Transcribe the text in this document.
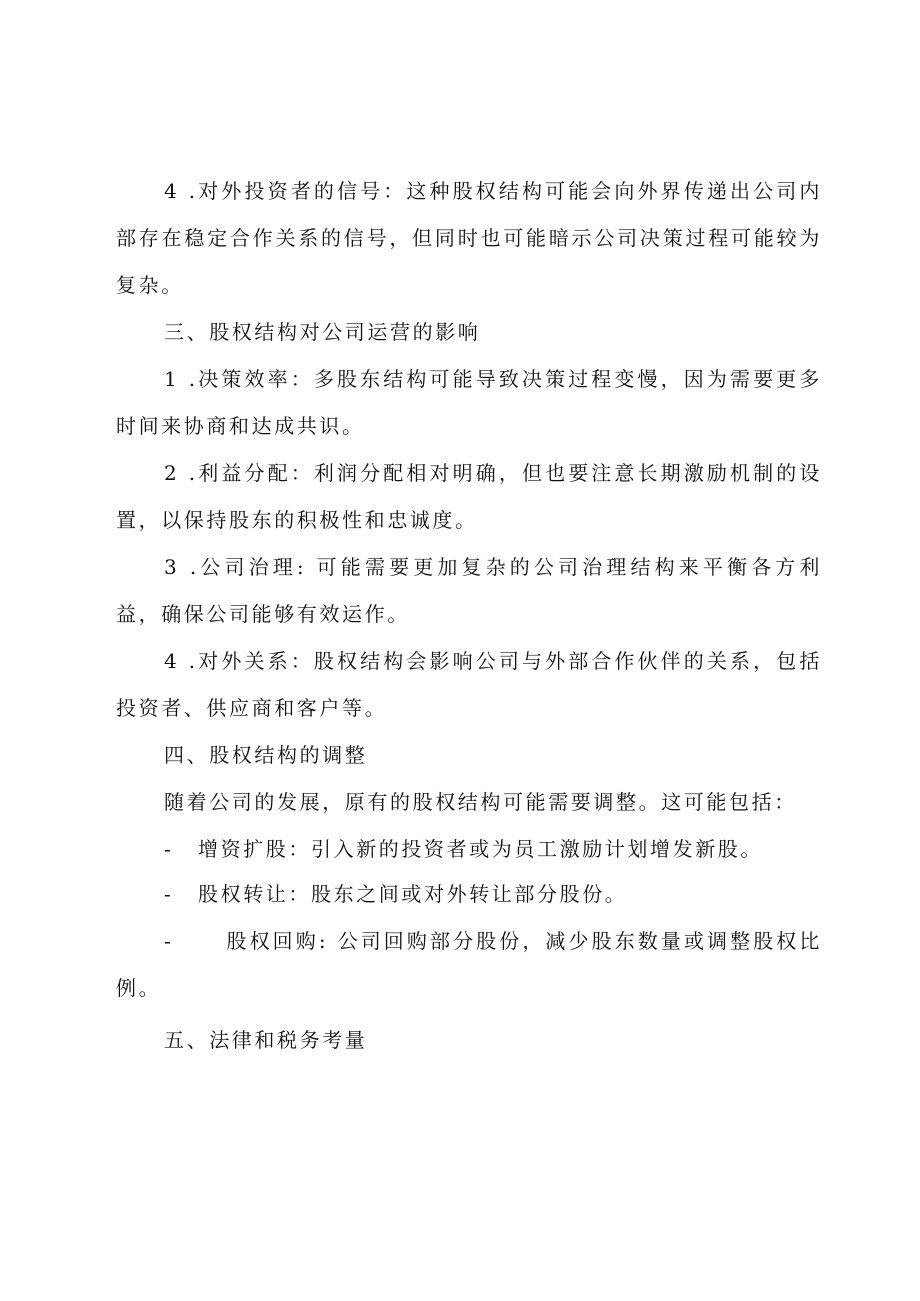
4 .对外投资者的信号：这种股权结构可能会向外界传递出公司内部存在稳定合作关系的信号，但同时也可能暗示公司决策过程可能较为复杂。

三、股权结构对公司运营的影响

1 .决策效率：多股东结构可能导致决策过程变慢，因为需要更多时间来协商和达成共识。

2 .利益分配：利润分配相对明确，但也要注意长期激励机制的设置，以保持股东的积极性和忠诚度。

3 .公司治理: 可能需要更加复杂的公司治理结构来平衡各方利益，确保公司能够有效运作。

4 .对外关系：股权结构会影响公司与外部合作伙伴的关系，包括投资者、供应商和客户等。

四、股权结构的调整

随着公司的发展，原有的股权结构可能需要调整。这可能包括：

- 增资扩股：引入新的投资者或为员工激励计划增发新股。

- 股权转让：股东之间或对外转让部分股份。

-	股权回购: 公司回购部分股份，减少股东数量或调整股权比例。

五、法律和税务考量
